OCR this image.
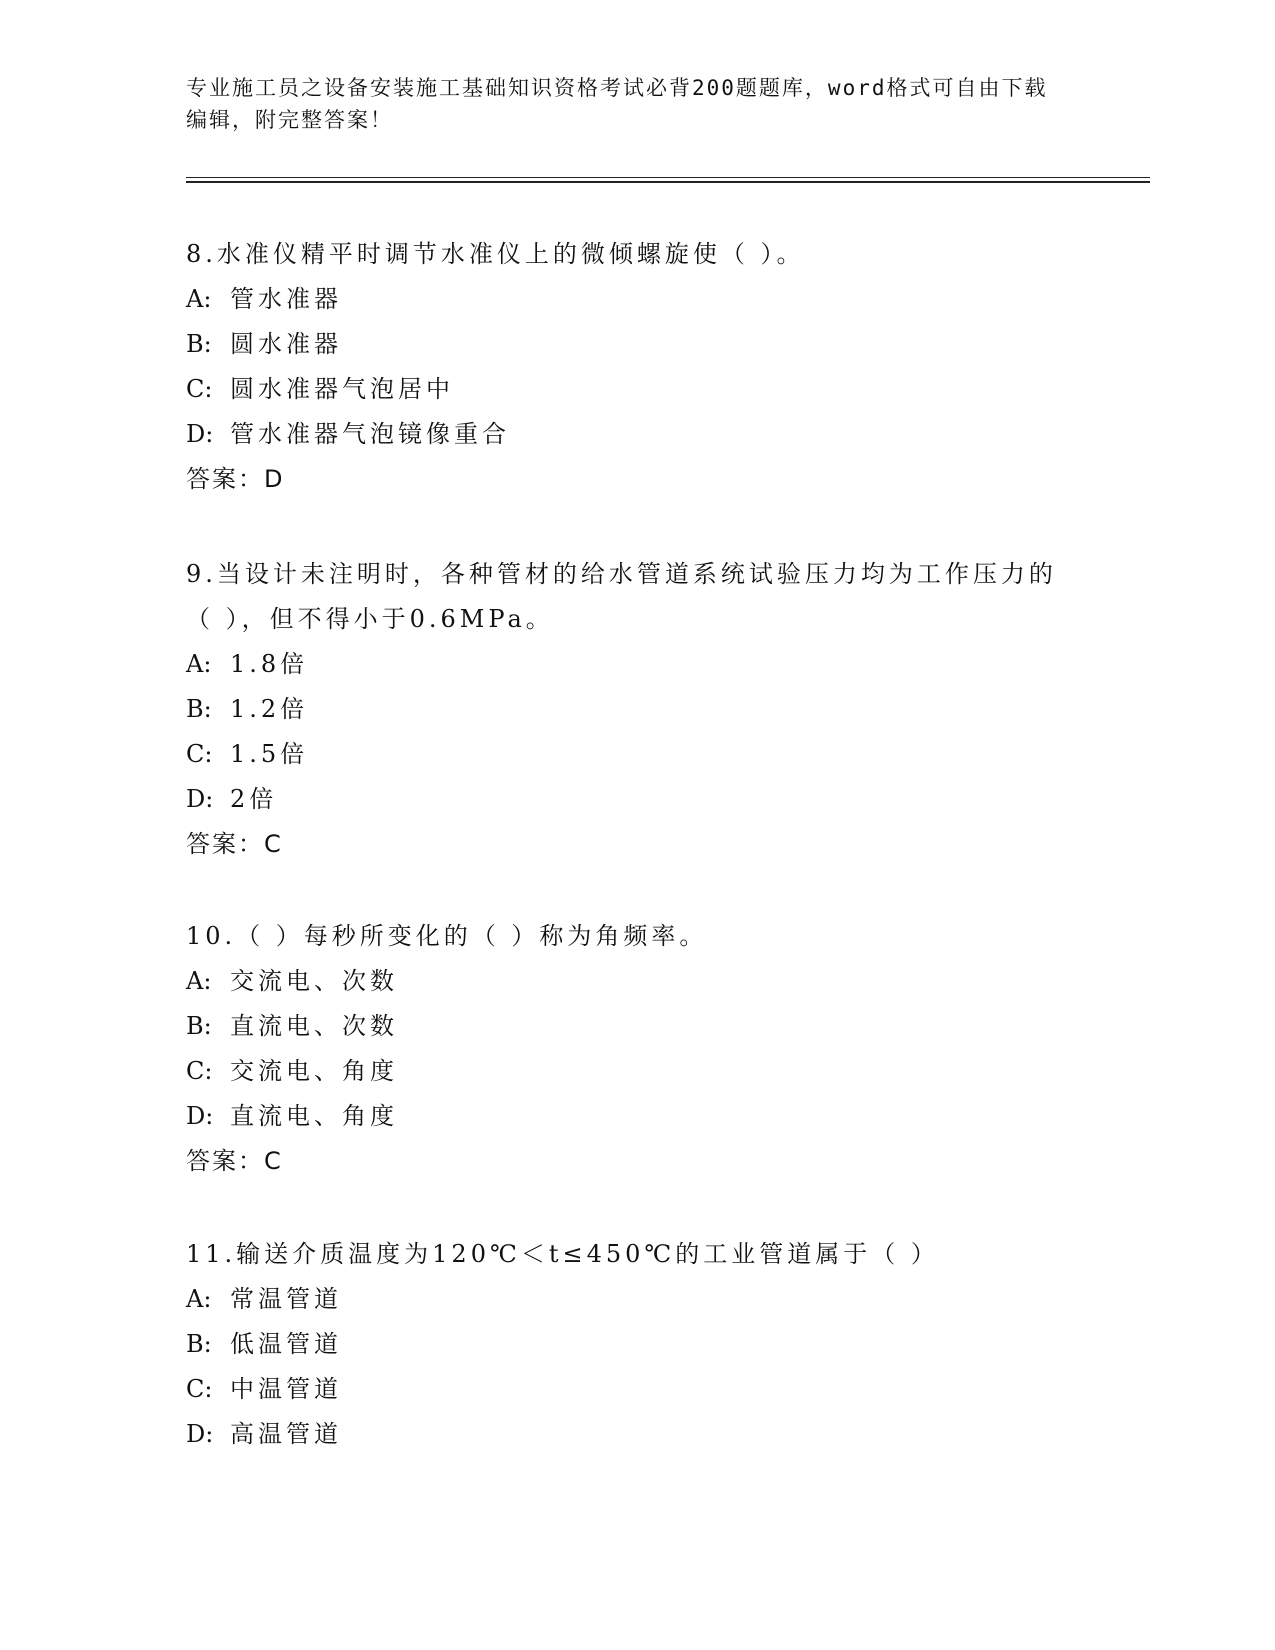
专业施工员之设备安装施工基础知识资格考试必背200题题库，word格式可自由下载编辑，附完整答案！

8.水准仪精平时调节水准仪上的微倾螺旋使（ ）。

A: 管水准器

B: 圆水准器

C: 圆水准器气泡居中

D: 管水准器气泡镜像重合

答案：D

9.当设计未注明时，各种管材的给水管道系统试验压力均为工作压力的（ ），但不得小于0.6MPa。

A: 1.8倍

B: 1.2倍

C: 1.5倍

D: 2倍

答案：C

10.（ ）每秒所变化的（ ）称为角频率。

A: 交流电、次数

B: 直流电、次数

C: 交流电、角度

D: 直流电、角度

答案：C

11.输送介质温度为120℃＜t≤450℃的工业管道属于（ ）

A: 常温管道

B: 低温管道

C: 中温管道

D: 高温管道
